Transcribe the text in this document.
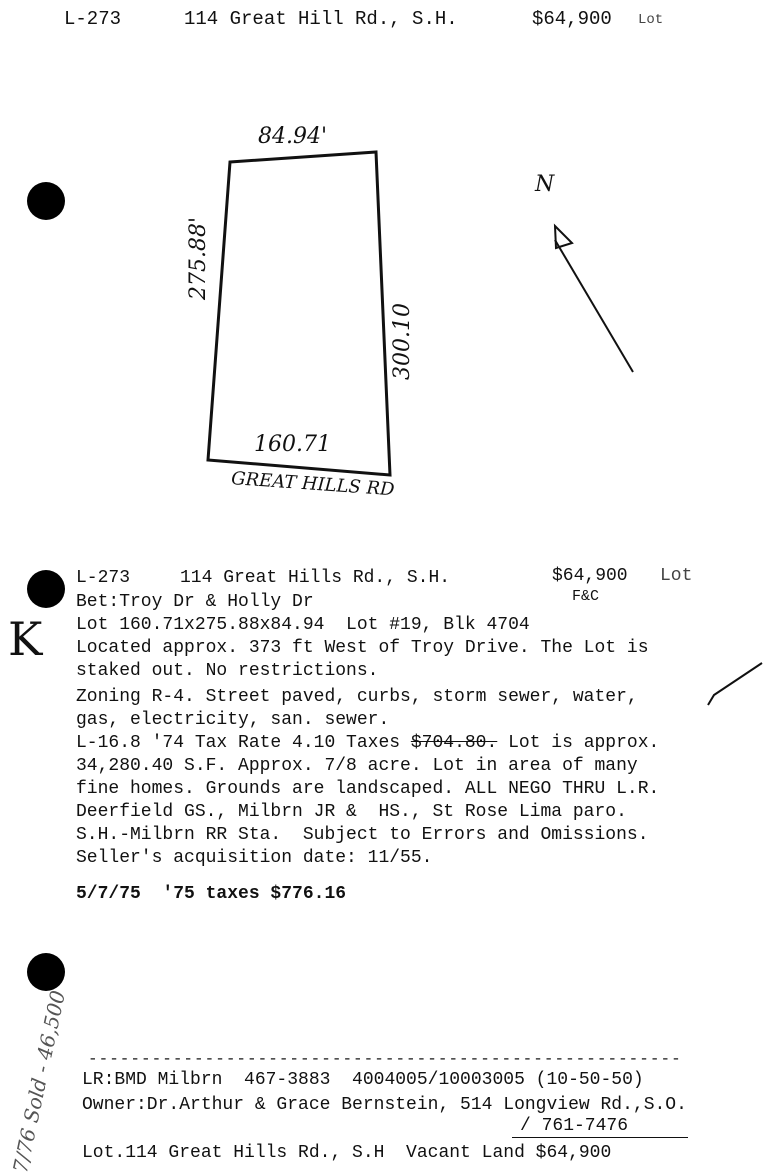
L-273	114 Great Hill Rd., S.H.	$64,900 Lot
84.94'
275.88'
300.10
160.71
GREAT HILLS RD
N
L-273	114 Great Hills Rd., S.H.	$64,900 Lot
F&C
Bet:Troy Dr & Holly Dr
Lot 160.71x275.88x84.94  Lot #19, Blk 4704
Located approx. 373 ft West of Troy Drive. The Lot is
staked out. No restrictions.
Zoning R-4. Street paved, curbs, storm sewer, water,
gas, electricity, san. sewer.
L-16.8 '74 Tax Rate 4.10 Taxes $704.80. Lot is approx.
34,280.40 S.F. Approx. 7/8 acre. Lot in area of many
fine homes. Grounds are landscaped. ALL NEGO THRU L.R.
Deerfield GS., Milbrn JR &  HS., St Rose Lima paro.
S.H.-Milbrn RR Sta.  Subject to Errors and Omissions.
Seller's acquisition date: 11/55.
5/7/75  '75 taxes $776.16
K
7/76 Sold - 46,500 --------------------------------------------------------
LR:BMD Milbrn  467-3883  4004005/10003005 (10-50-50)
Owner:Dr.Arthur & Grace Bernstein, 514 Longview Rd.,S.O.
/ 761-7476
Lot.114 Great Hills Rd., S.H  Vacant Land $64,900
